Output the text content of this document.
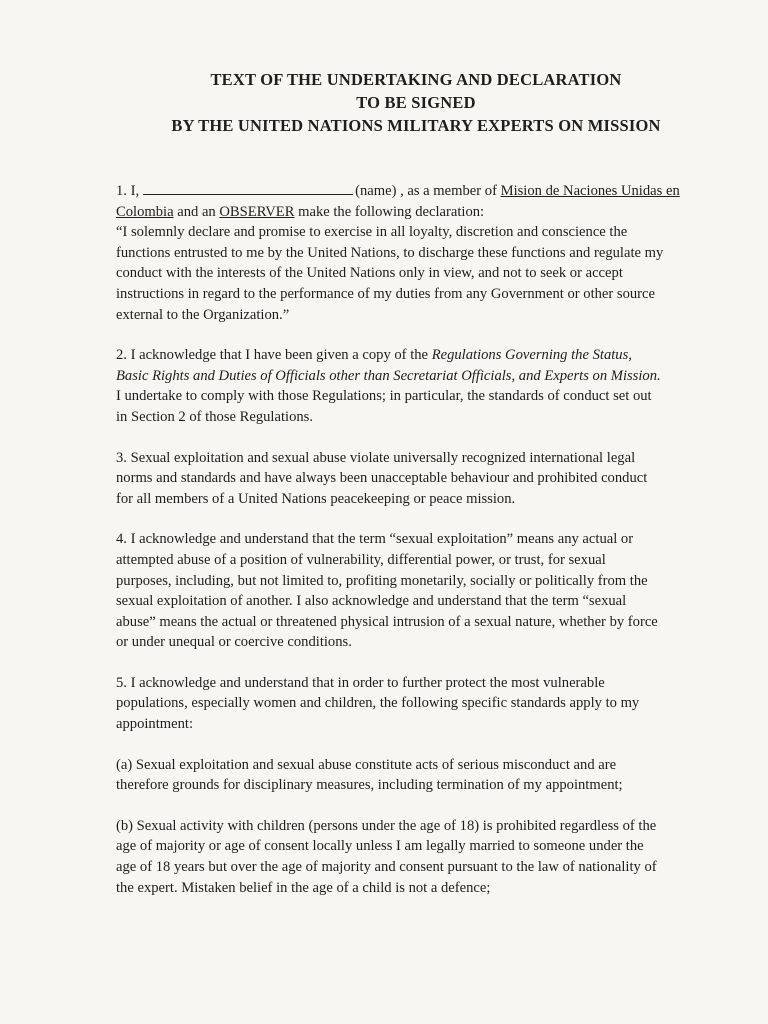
TEXT OF THE UNDERTAKING AND DECLARATION
TO BE SIGNED
BY THE UNITED NATIONS MILITARY EXPERTS ON MISSION
1. I,	(name) , as a member of Mision de Naciones Unidas en
Colombia and an OBSERVER make the following declaration:
“I solemnly declare and promise to exercise in all loyalty, discretion and conscience the
functions entrusted to me by the United Nations, to discharge these functions and regulate my
conduct with the interests of the United Nations only in view, and not to seek or accept
instructions in regard to the performance of my duties from any Government or other source
external to the Organization.”
2. I acknowledge that I have been given a copy of the Regulations Governing the Status,
Basic Rights and Duties of Officials other than Secretariat Officials, and Experts on Mission.
I undertake to comply with those Regulations; in particular, the standards of conduct set out
in Section 2 of those Regulations.
3. Sexual exploitation and sexual abuse violate universally recognized international legal
norms and standards and have always been unacceptable behaviour and prohibited conduct
for all members of a United Nations peacekeeping or peace mission.
4. I acknowledge and understand that the term “sexual exploitation” means any actual or
attempted abuse of a position of vulnerability, differential power, or trust, for sexual
purposes, including, but not limited to, profiting monetarily, socially or politically from the
sexual exploitation of another. I also acknowledge and understand that the term “sexual
abuse” means the actual or threatened physical intrusion of a sexual nature, whether by force
or under unequal or coercive conditions.
5. I acknowledge and understand that in order to further protect the most vulnerable
populations, especially women and children, the following specific standards apply to my
appointment:
(a) Sexual exploitation and sexual abuse constitute acts of serious misconduct and are
therefore grounds for disciplinary measures, including termination of my appointment;
(b) Sexual activity with children (persons under the age of 18) is prohibited regardless of the
age of majority or age of consent locally unless I am legally married to someone under the
age of 18 years but over the age of majority and consent pursuant to the law of nationality of
the expert. Mistaken belief in the age of a child is not a defence;
